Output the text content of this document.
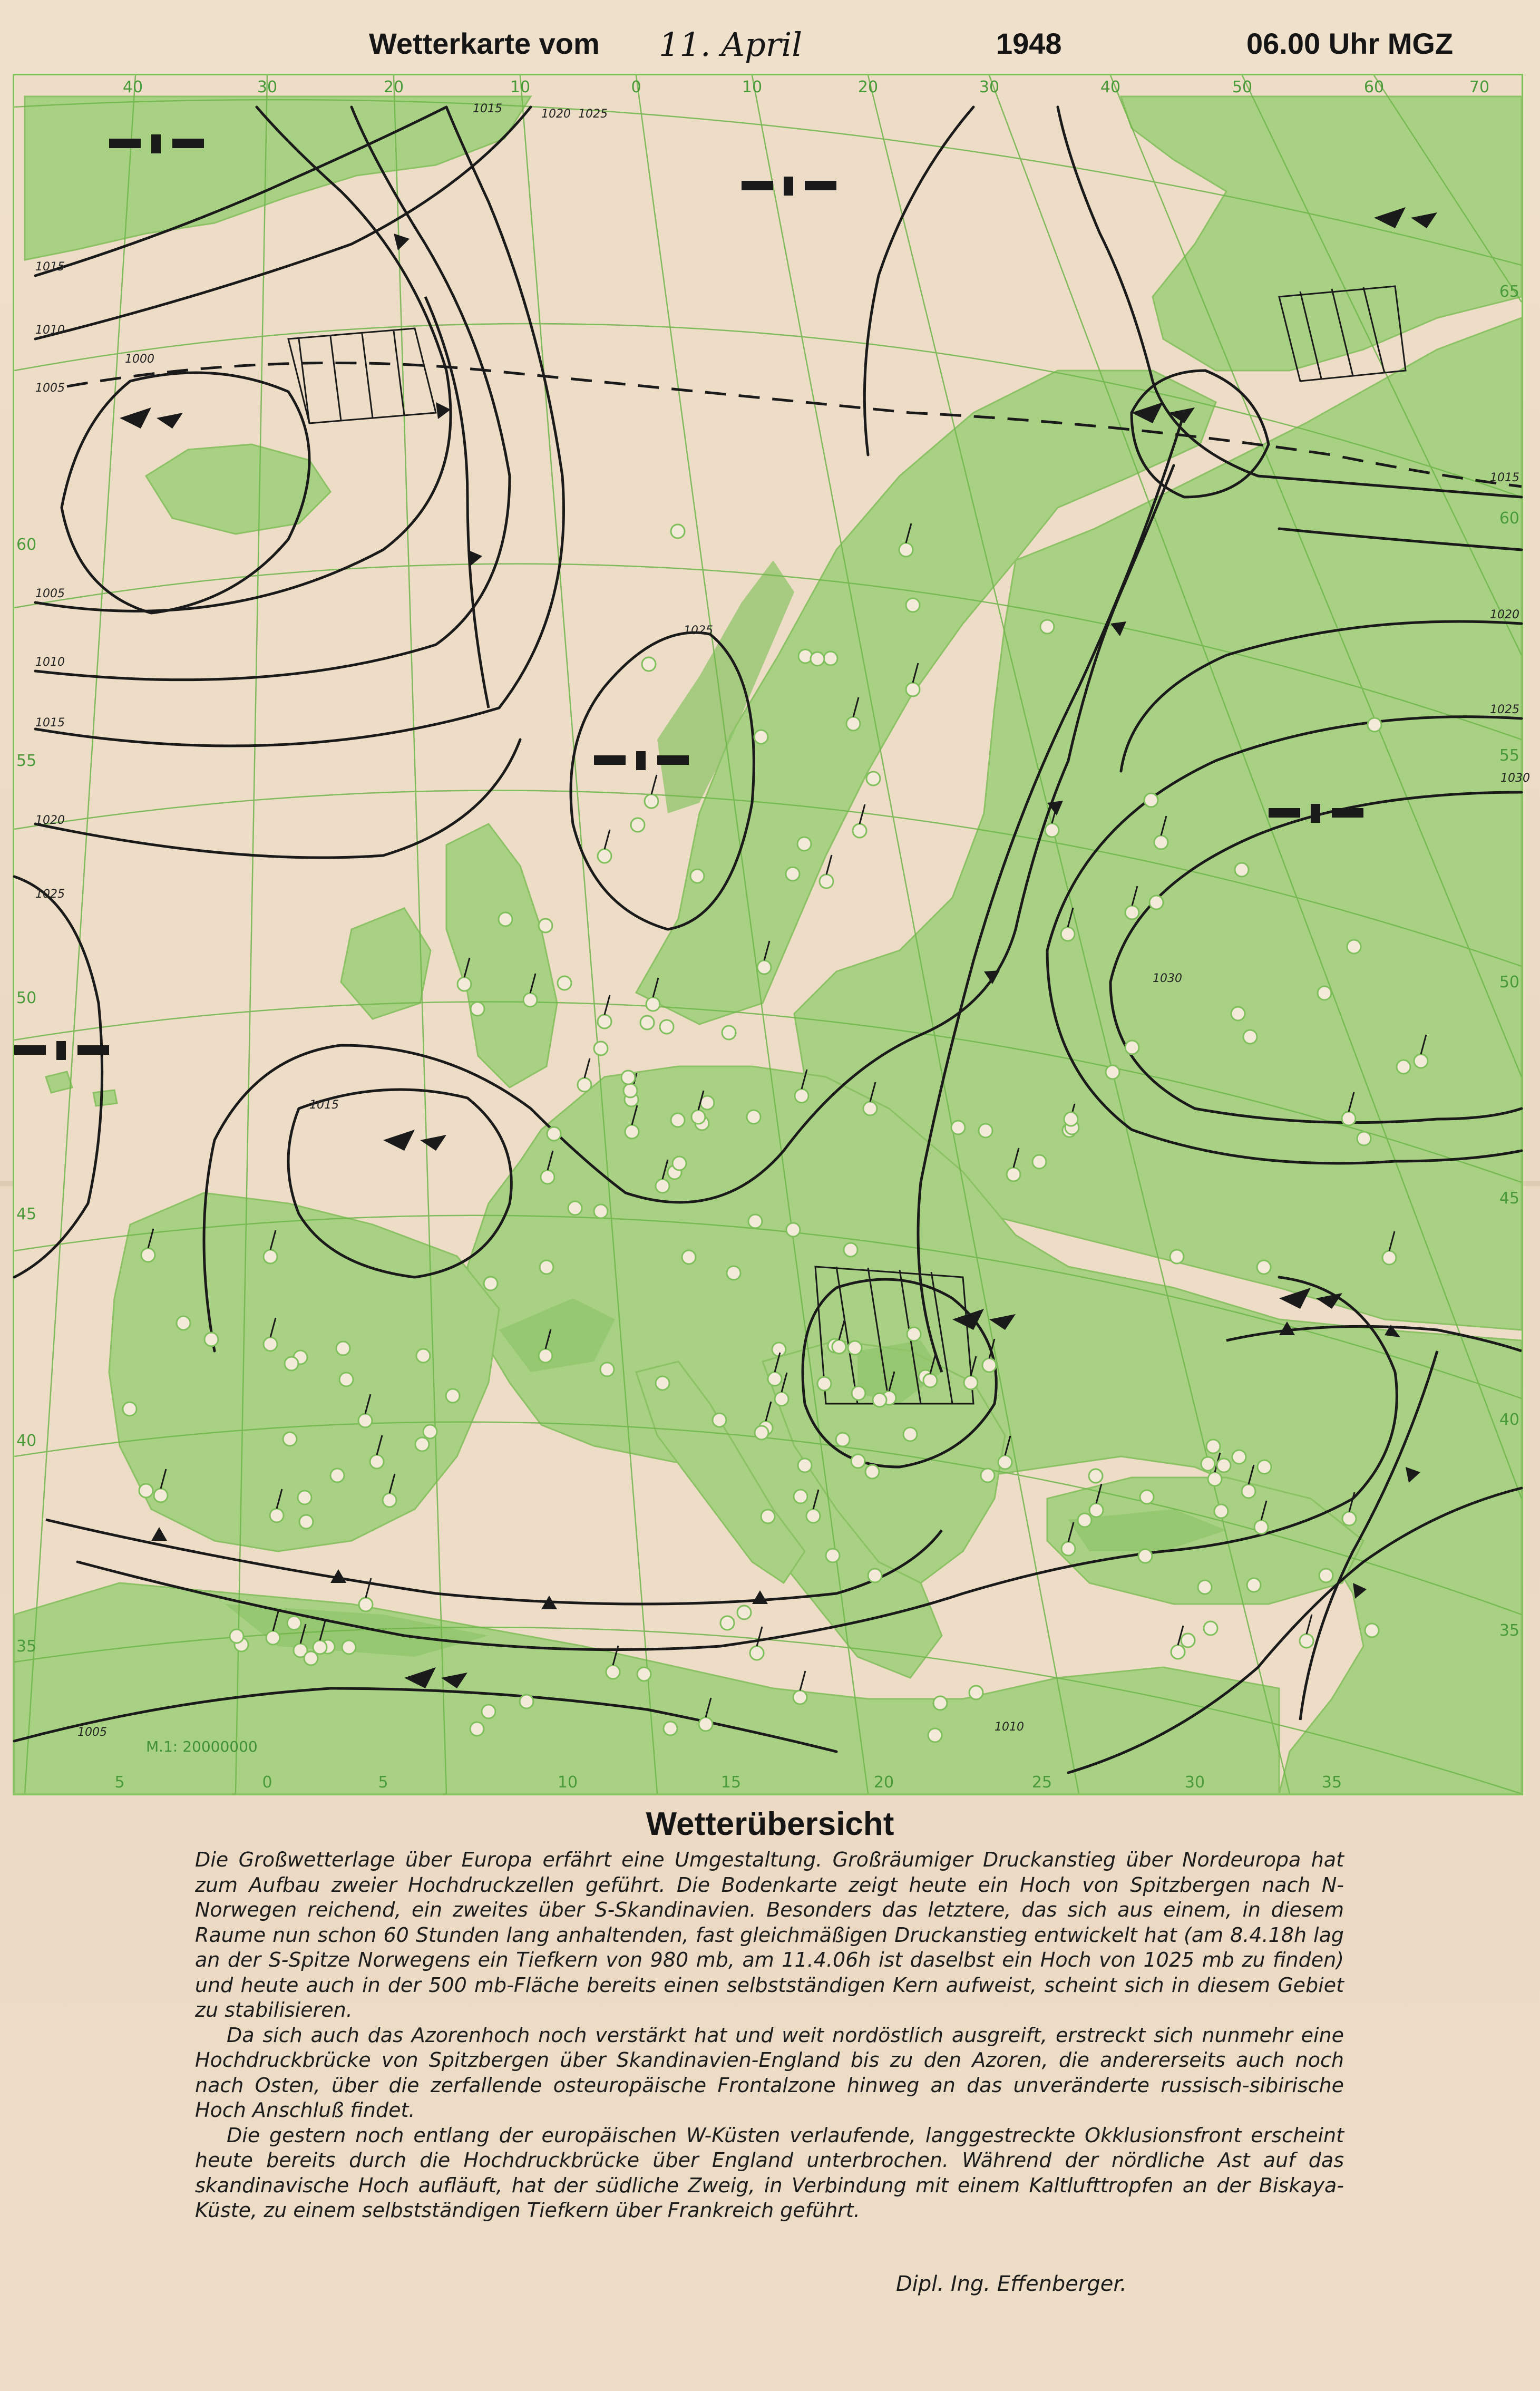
Wetterkarte vom 11. April	1948	06.00 Uhr MGZ
40	30	20	10	0	10	20	30	40	50	60	70
5	0	5	10	15	20	25	30	35
60
55
50
45
40
35
65
60
55
50
45
40
35
1015	1020 1025
1015
1010
1005
1000
1005
1010
1015
1020
1025
1030
1025
1020
1015
1010
1005
1015
1025
1030
M.1: 20000000
Wetterübersicht

Die Großwetterlage über Europa erfährt eine Umgestaltung. Großräumiger Druckanstieg über Nordeuropa hat zum Aufbau zweier Hochdruckzellen geführt. Die Bodenkarte zeigt heute ein Hoch von Spitzbergen nach N-Norwegen reichend, ein zweites über S-Skandinavien. Besonders das letztere, das sich aus einem, in diesem Raume nun schon 60 Stunden lang anhaltenden, fast gleichmäßigen Druckanstieg entwickelt hat (am 8.4.18h lag an der S-Spitze Norwegens ein Tiefkern von 980 mb, am 11.4.06h ist daselbst ein Hoch von 1025 mb zu finden) und heute auch in der 500 mb-Fläche bereits einen selbstständigen Kern aufweist, scheint sich in diesem Gebiet zu stabilisieren.

Da sich auch das Azorenhoch noch verstärkt hat und weit nordöstlich ausgreift, erstreckt sich nunmehr eine Hochdruckbrücke von Spitzbergen über Skandinavien-England bis zu den Azoren, die andererseits auch noch nach Osten, über die zerfallende osteuropäische Frontalzone hinweg an das unveränderte russisch-sibirische Hoch Anschluß findet.

Die gestern noch entlang der europäischen W-Küsten verlaufende, langgestreckte Okklusionsfront erscheint heute bereits durch die Hochdruckbrücke über England unterbrochen. Während der nördliche Ast auf das skandinavische Hoch aufläuft, hat der südliche Zweig, in Verbindung mit einem Kaltlufttropfen an der Biskaya-Küste, zu einem selbstständigen Tiefkern über Frankreich geführt.

Dipl. Ing. Effenberger.
